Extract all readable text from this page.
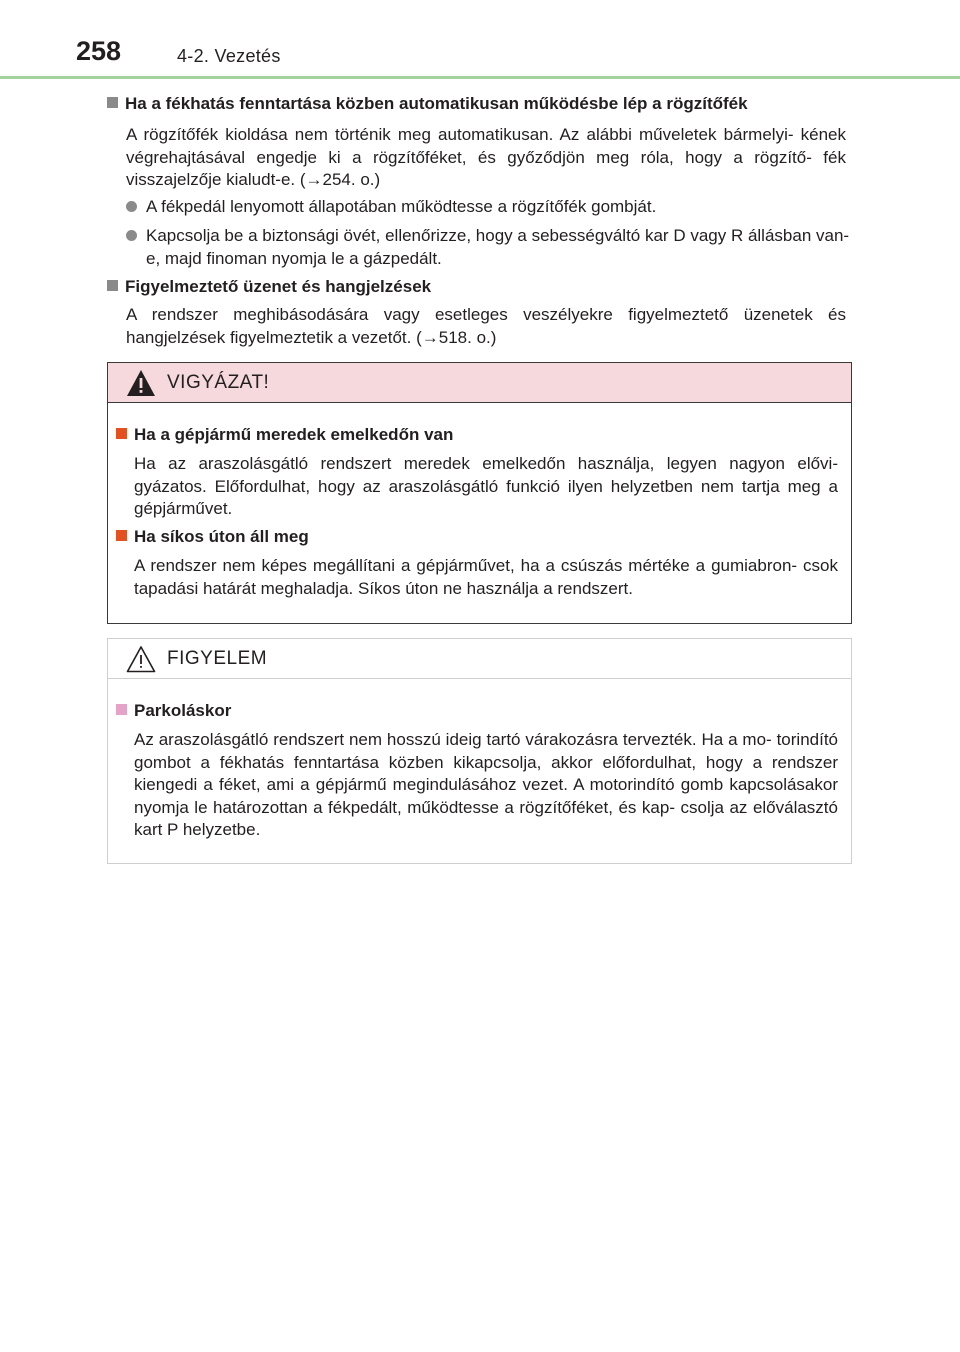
258	4-2. Vezetés
Ha a fékhatás fenntartása közben automatikusan működésbe lép a rögzítőfék
A rögzítőfék kioldása nem történik meg automatikusan. Az alábbi műveletek bármelyi- kének végrehajtásával engedje ki a rögzítőféket, és győződjön meg róla, hogy a rögzítő- fék visszajelzője kialudt-e. (→254. o.)
A fékpedál lenyomott állapotában működtesse a rögzítőfék gombját.
Kapcsolja be a biztonsági övét, ellenőrizze, hogy a sebességváltó kar D vagy R állásban van-e, majd finoman nyomja le a gázpedált.
Figyelmeztető üzenet és hangjelzések
A rendszer meghibásodására vagy esetleges veszélyekre figyelmeztető üzenetek és hangjelzések figyelmeztetik a vezetőt. (→518. o.)
VIGYÁZAT!
Ha a gépjármű meredek emelkedőn van
Ha az araszolásgátló rendszert meredek emelkedőn használja, legyen nagyon elővi- gyázatos. Előfordulhat, hogy az araszolásgátló funkció ilyen helyzetben nem tartja meg a gépjárművet.
Ha síkos úton áll meg
A rendszer nem képes megállítani a gépjárművet, ha a csúszás mértéke a gumiabron- csok tapadási határát meghaladja. Síkos úton ne használja a rendszert.
FIGYELEM
Parkoláskor
Az araszolásgátló rendszert nem hosszú ideig tartó várakozásra tervezték. Ha a mo- torindító gombot a fékhatás fenntartása közben kikapcsolja, akkor előfordulhat, hogy a rendszer kiengedi a féket, ami a gépjármű megindulásához vezet. A motorindító gomb kapcsolásakor nyomja le határozottan a fékpedált, működtesse a rögzítőféket, és kap- csolja az előválasztó kart P helyzetbe.
